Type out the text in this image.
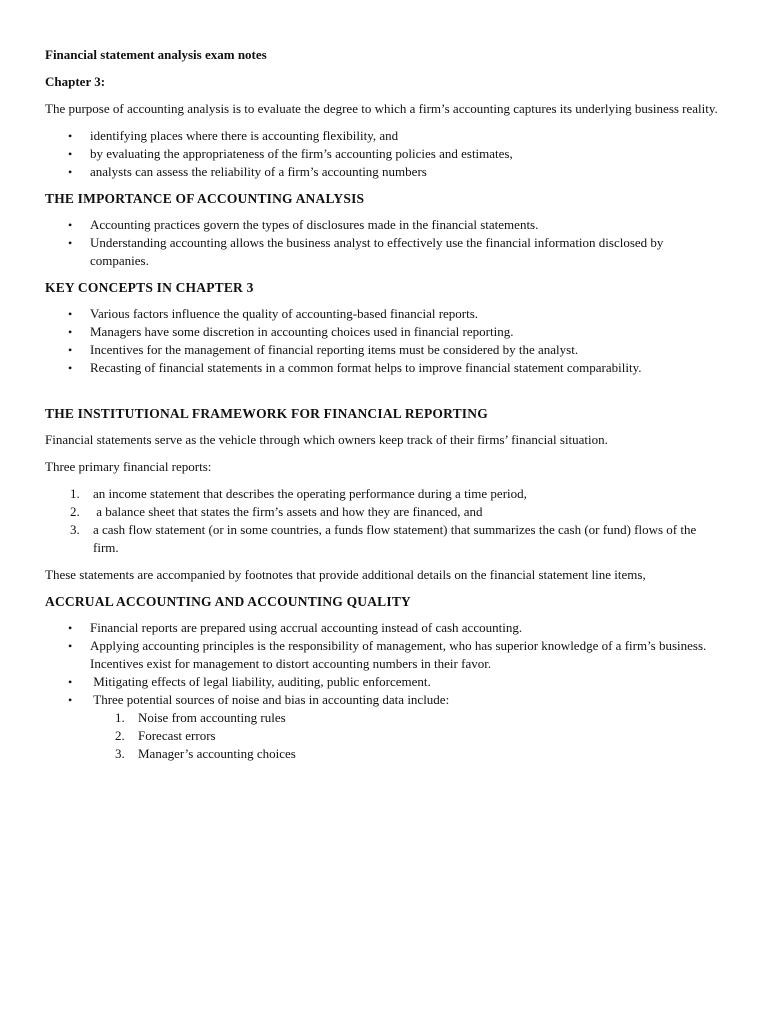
Financial statement analysis exam notes
Chapter 3:

The purpose of accounting analysis is to evaluate the degree to which a firm’s accounting captures its underlying business reality.

• identifying places where there is accounting flexibility, and
• by evaluating the appropriateness of the firm’s accounting policies and estimates,
• analysts can assess the reliability of a firm’s accounting numbers
THE IMPORTANCE OF ACCOUNTING ANALYSIS
• Accounting practices govern the types of disclosures made in the financial statements.
• Understanding accounting allows the business analyst to effectively use the financial information disclosed by companies.
KEY CONCEPTS IN CHAPTER 3
• Various factors influence the quality of accounting-based financial reports.
• Managers have some discretion in accounting choices used in financial reporting.
• Incentives for the management of financial reporting items must be considered by the analyst.
• Recasting of financial statements in a common format helps to improve financial statement comparability.
THE INSTITUTIONAL FRAMEWORK FOR FINANCIAL REPORTING

Financial statements serve as the vehicle through which owners keep track of their firms’ financial situation.

Three primary financial reports:

1. an income statement that describes the operating performance during a time period,
2. a balance sheet that states the firm’s assets and how they are financed, and
3. a cash flow statement (or in some countries, a funds flow statement) that summarizes the cash (or fund) flows of the firm.

These statements are accompanied by footnotes that provide additional details on the financial statement line items,

ACCRUAL ACCOUNTING AND ACCOUNTING QUALITY
• Financial reports are prepared using accrual accounting instead of cash accounting.
• Applying accounting principles is the responsibility of management, who has superior knowledge of a firm’s business. Incentives exist for management to distort accounting numbers in their favor.
• Mitigating effects of legal liability, auditing, public enforcement.
• Three potential sources of noise and bias in accounting data include:
1. Noise from accounting rules
2. Forecast errors
3. Manager’s accounting choices
